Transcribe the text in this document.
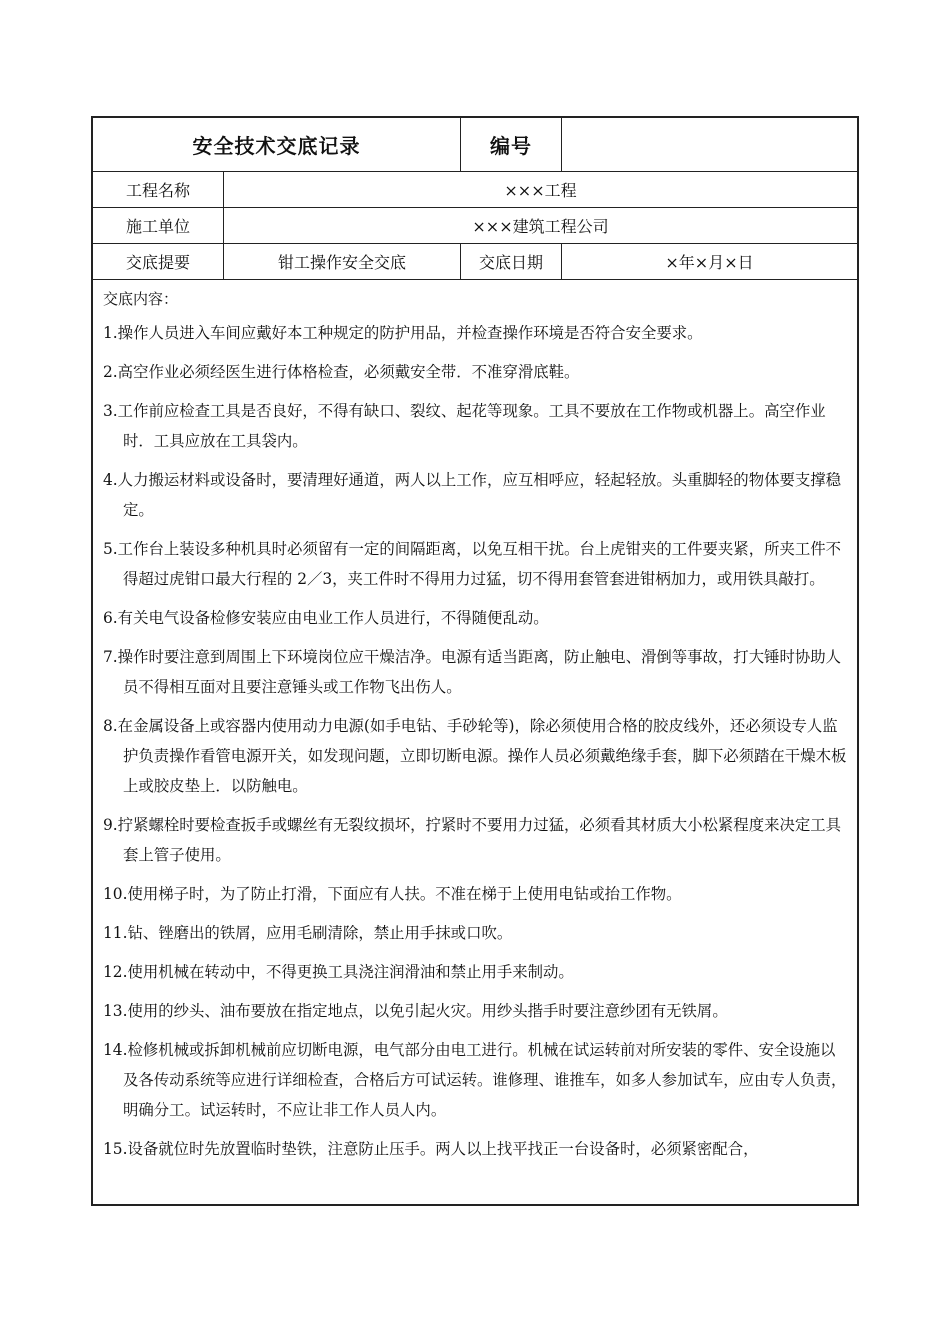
安全技术交底记录	编号
工程名称	×××工程
施工单位	×××建筑工程公司
交底提要	钳工操作安全交底	交底日期	×年×月×日
交底内容：
1.操作人员进入车间应戴好本工种规定的防护用品，并检查操作环境是否符合安全要求。
2.高空作业必须经医生进行体格检查，必须戴安全带．不准穿滑底鞋。
3.工作前应检查工具是否良好，不得有缺口、裂纹、起花等现象。工具不要放在工作物或机器上。高空作业时．工具应放在工具袋内。
4.人力搬运材料或设备时，要清理好通道，两人以上工作，应互相呼应，轻起轻放。头重脚轻的物体要支撑稳定。
5.工作台上装设多种机具时必须留有一定的间隔距离，以免互相干扰。台上虎钳夹的工件要夹紧，所夹工件不得超过虎钳口最大行程的 2／3，夹工件时不得用力过猛，切不得用套管套进钳柄加力，或用铁具敲打。
6.有关电气设备检修安装应由电业工作人员进行，不得随便乱动。
7.操作时要注意到周围上下环境岗位应干燥洁净。电源有适当距离，防止触电、滑倒等事故，打大锤时协助人员不得相互面对且要注意锤头或工作物飞出伤人。
8.在金属设备上或容器内使用动力电源(如手电钻、手砂轮等)，除必须使用合格的胶皮线外，还必须设专人监护负责操作看管电源开关，如发现问题，立即切断电源。操作人员必须戴绝缘手套，脚下必须踏在干燥木板上或胶皮垫上．以防触电。
9.拧紧螺栓时要检查扳手或螺丝有无裂纹损坏，拧紧时不要用力过猛，必须看其材质大小松紧程度来决定工具套上管子使用。
10.使用梯子时，为了防止打滑，下面应有人扶。不准在梯于上使用电钻或抬工作物。
11.钻、锉磨出的铁屑，应用毛刷清除，禁止用手抹或口吹。
12.使用机械在转动中，不得更换工具浇注润滑油和禁止用手来制动。
13.使用的纱头、油布要放在指定地点，以免引起火灾。用纱头揩手时要注意纱团有无铁屑。
14.检修机械或拆卸机械前应切断电源，电气部分由电工进行。机械在试运转前对所安装的零件、安全设施以及各传动系统等应进行详细检查，合格后方可试运转。谁修理、谁推车，如多人参加试车，应由专人负责，明确分工。试运转时，不应让非工作人员人内。
15.设备就位时先放置临时垫铁，注意防止压手。两人以上找平找正一台设备时，必须紧密配合，
